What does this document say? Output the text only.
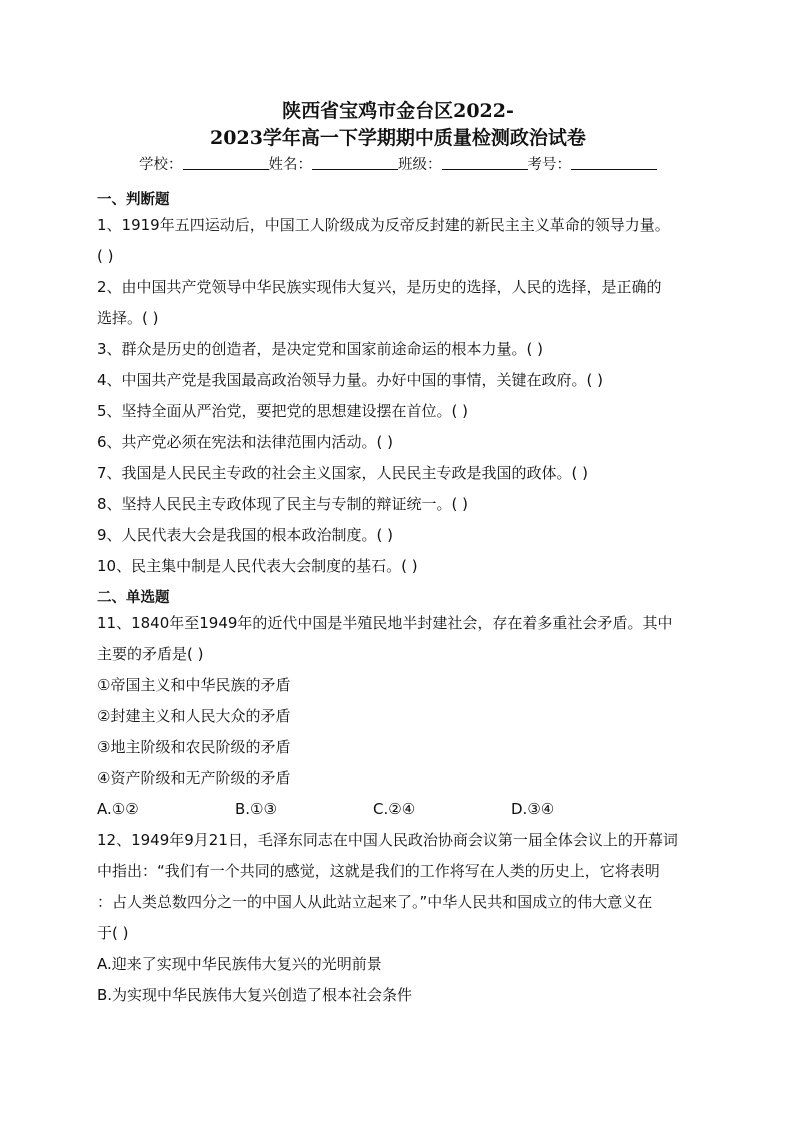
陕西省宝鸡市金台区2022-
2023学年高一下学期期中质量检测政治试卷
学校：	姓名：	班级：	考号：
一、判断题

1、1919年五四运动后，中国工人阶级成为反帝反封建的新民主主义革命的领导力量。

( )

2、由中国共产党领导中华民族实现伟大复兴，是历史的选择，人民的选择，是正确的

选择。( )

3、群众是历史的创造者，是决定党和国家前途命运的根本力量。( )

4、中国共产党是我国最高政治领导力量。办好中国的事情，关键在政府。( )

5、坚持全面从严治党，要把党的思想建设摆在首位。( )

6、共产党必须在宪法和法律范围内活动。( )

7、我国是人民民主专政的社会主义国家，人民民主专政是我国的政体。( )

8、坚持人民民主专政体现了民主与专制的辩证统一。( )

9、人民代表大会是我国的根本政治制度。( )

10、民主集中制是人民代表大会制度的基石。( )

二、单选题

11、1840年至1949年的近代中国是半殖民地半封建社会，存在着多重社会矛盾。其中

主要的矛盾是( )

①帝国主义和中华民族的矛盾
②封建主义和人民大众的矛盾
③地主阶级和农民阶级的矛盾
④资产阶级和无产阶级的矛盾
A.①②	B.①③	C.②④	D.③④

12、1949年9月21日，毛泽东同志在中国人民政治协商会议第一届全体会议上的开幕词

中指出：“我们有一个共同的感觉，这就是我们的工作将写在人类的历史上，它将表明

：占人类总数四分之一的中国人从此站立起来了。”中华人民共和国成立的伟大意义在

于( )

A.迎来了实现中华民族伟大复兴的光明前景
B.为实现中华民族伟大复兴创造了根本社会条件
